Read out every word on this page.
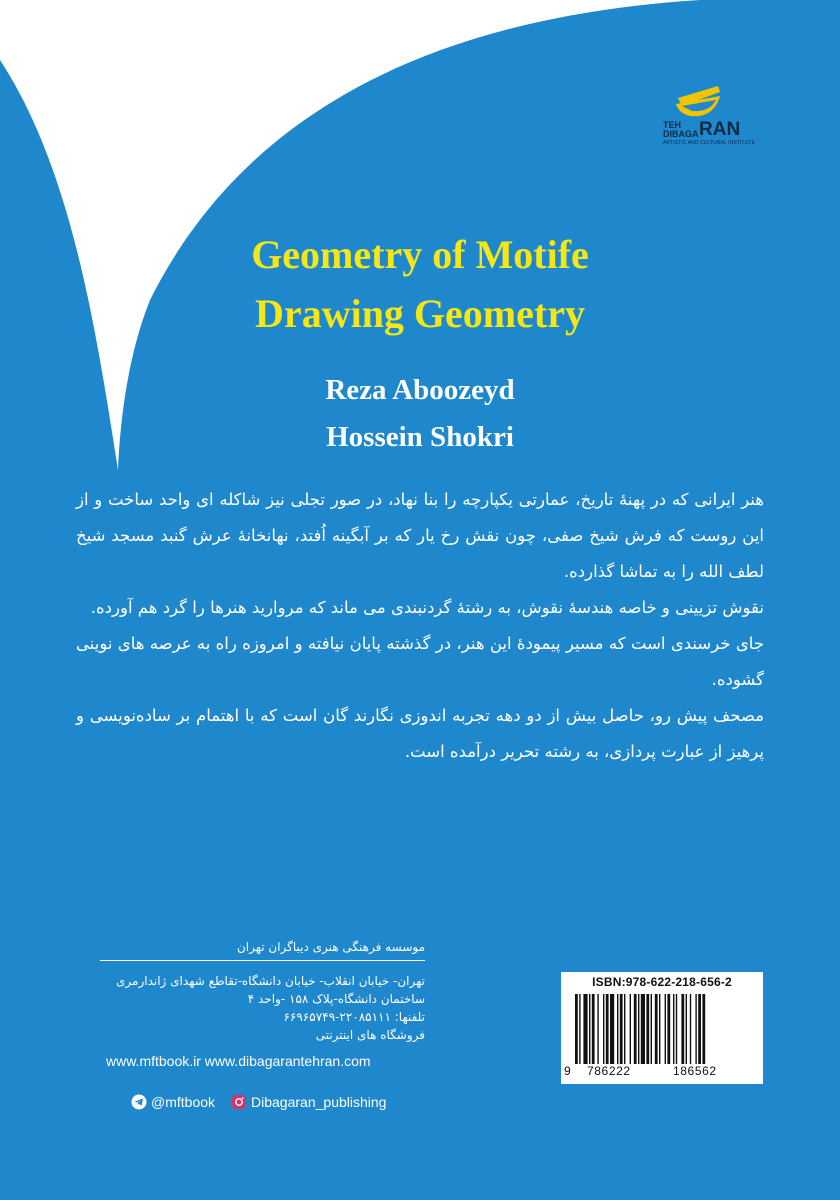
TEH
DIBAGA RAN
ARTISTIC AND CULTURAL INSTITUTE
Geometry of Motife
Drawing Geometry
Reza Aboozeyd
Hossein Shokri

هنر ایرانی که در پهنهٔ تاریخ، عمارتی یکپارچه را بنا نهاد، در صور تجلی نیز شاکله ای واحد ساخت و از این روست که فرش شیخ صفی، چون نقش رخ یار که بر آبگینه اُفتد، نهانخانهٔ عرش گنبد مسجد شیخ لطف الله را به تماشا گذارده.

نقوش تزیینی و خاصه هندسهٔ نقوش، به رشتهٔ گردنبندی می ماند که مروارید هنرها را گرد هم آورده.

جای خرسندی است که مسیر پیمودهٔ این هنر، در گذشته پایان نیافته و امروزه راه به عرصه های نوینی گشوده.

مصحف پیش رو، حاصل بیش از دو دهه تجربه اندوزی نگارند گان است که با اهتمام بر ساده‌نویسی و پرهیز از عبارت پردازی، به رشته تحریر درآمده است.

موسسه فرهنگی هنری دیباگران تهران
تهران- خیابان انقلاب- خیابان دانشگاه-تقاطع شهدای ژاندارمری
ساختمان دانشگاه-پلاک ۱۵۸ -واحد ۴
تلفنها: ۲۲۰۸۵۱۱۱-۶۶۹۶۵۷۴۹
فروشگاه های اینترنتی
www.mftbook.ir www.dibagarantehran.com
@mftbook	Dibagaran_publishing
ISBN:978-622-218-656-2
9 786222	186562
